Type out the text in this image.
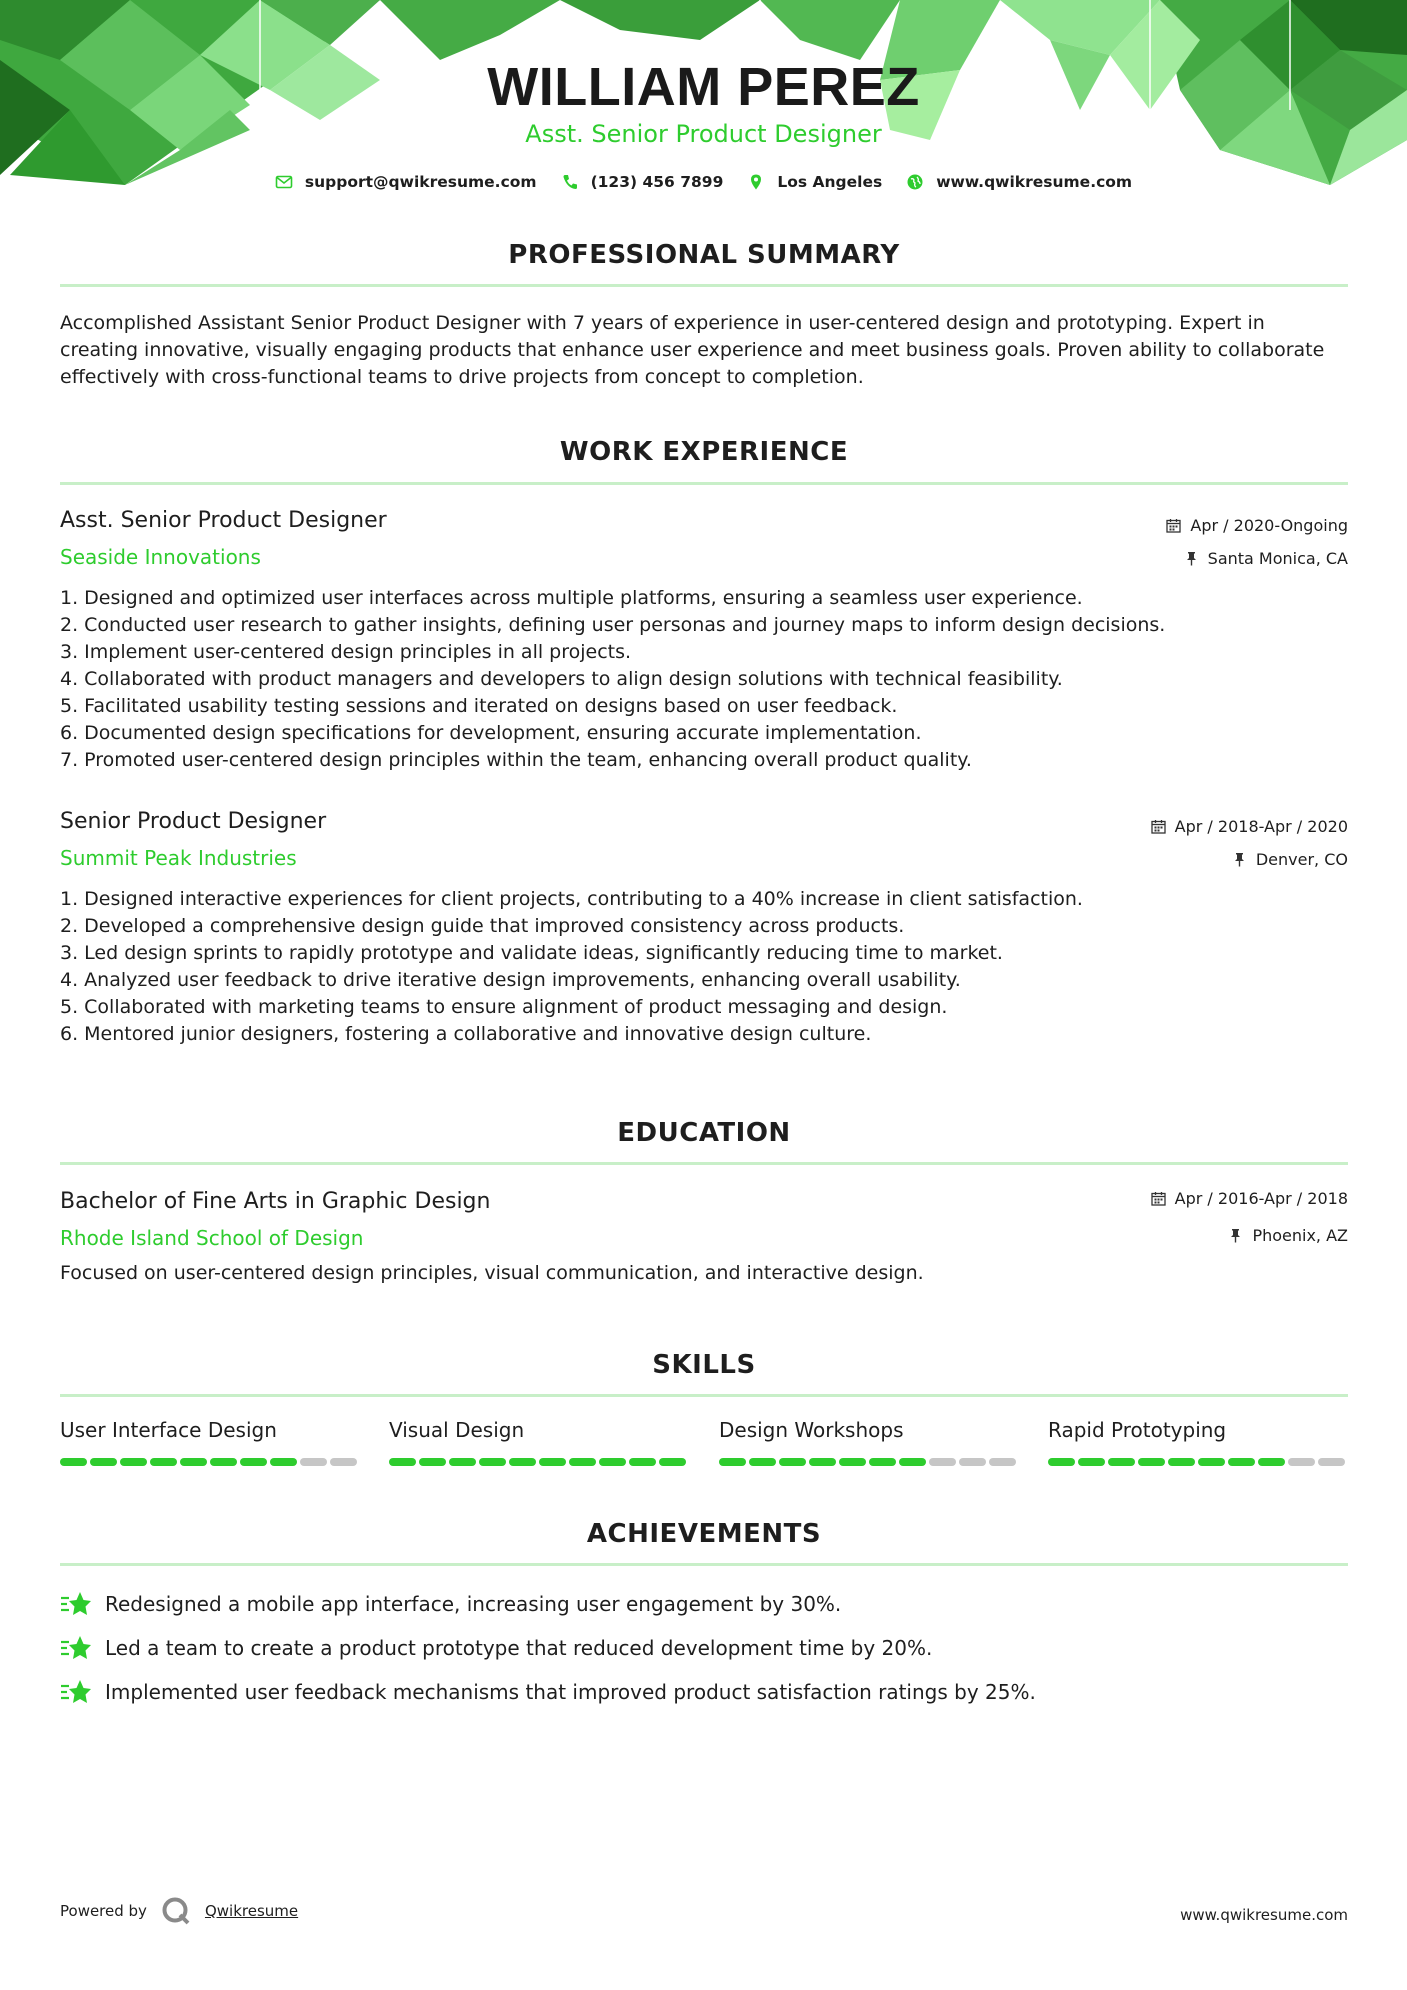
WILLIAM PEREZ
Asst. Senior Product Designer
support@qwikresume.com	(123) 456 7899	Los Angeles	www.qwikresume.com
PROFESSIONAL SUMMARY
Accomplished Assistant Senior Product Designer with 7 years of experience in user-centered design and prototyping. Expert in creating innovative, visually engaging products that enhance user experience and meet business goals. Proven ability to collaborate effectively with cross-functional teams to drive projects from concept to completion.
WORK EXPERIENCE
Asst. Senior Product Designer
Seaside Innovations
Apr / 2020-Ongoing
Santa Monica, CA
1. Designed and optimized user interfaces across multiple platforms, ensuring a seamless user experience.
2. Conducted user research to gather insights, defining user personas and journey maps to inform design decisions.
3. Implement user-centered design principles in all projects.
4. Collaborated with product managers and developers to align design solutions with technical feasibility.
5. Facilitated usability testing sessions and iterated on designs based on user feedback.
6. Documented design specifications for development, ensuring accurate implementation.
7. Promoted user-centered design principles within the team, enhancing overall product quality.
Senior Product Designer
Summit Peak Industries
Apr / 2018-Apr / 2020
Denver, CO
1. Designed interactive experiences for client projects, contributing to a 40% increase in client satisfaction.
2. Developed a comprehensive design guide that improved consistency across products.
3. Led design sprints to rapidly prototype and validate ideas, significantly reducing time to market.
4. Analyzed user feedback to drive iterative design improvements, enhancing overall usability.
5. Collaborated with marketing teams to ensure alignment of product messaging and design.
6. Mentored junior designers, fostering a collaborative and innovative design culture.
EDUCATION
Bachelor of Fine Arts in Graphic Design
Rhode Island School of Design
Apr / 2016-Apr / 2018
Phoenix, AZ
Focused on user-centered design principles, visual communication, and interactive design.
SKILLS
User Interface Design	Visual Design	Design Workshops	Rapid Prototyping
ACHIEVEMENTS
Redesigned a mobile app interface, increasing user engagement by 30%.
Led a team to create a product prototype that reduced development time by 20%.
Implemented user feedback mechanisms that improved product satisfaction ratings by 25%.
Powered by	Qwikresume	www.qwikresume.com
